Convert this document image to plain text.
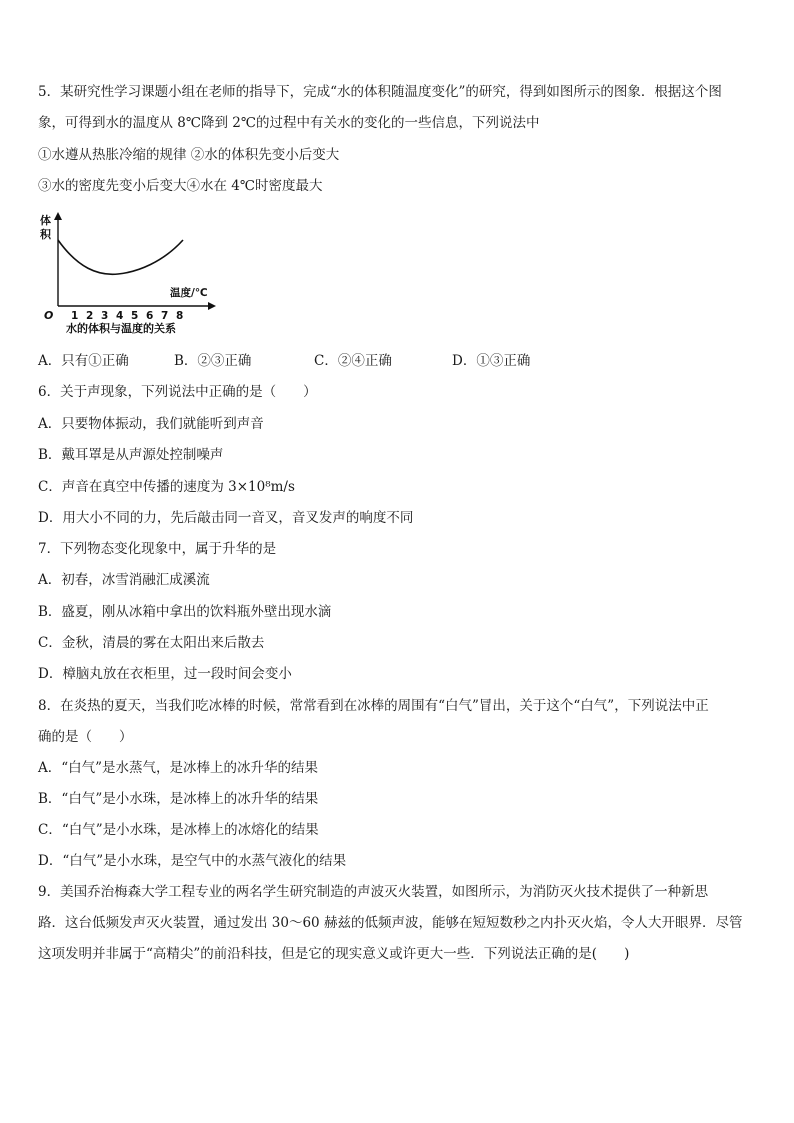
5．某研究性学习课题小组在老师的指导下，完成“水的体积随温度变化”的研究，得到如图所示的图象．根据这个图
象，可得到水的温度从 8℃降到 2℃的过程中有关水的变化的一些信息，下列说法中
①水遵从热胀冷缩的规律 ②水的体积先变小后变大
③水的密度先变小后变大④水在 4℃时密度最大
体
积
温度/℃
O 1 2 3 4 5 6 7 8
水的体积与温度的关系
A．只有①正确	B．②③正确	C．②④正确	D．①③正确
6．关于声现象，下列说法中正确的是（　　）
A．只要物体振动，我们就能听到声音
B．戴耳罩是从声源处控制噪声
C．声音在真空中传播的速度为 3×10⁸m/s
D．用大小不同的力，先后敲击同一音叉，音叉发声的响度不同
7．下列物态变化现象中，属于升华的是
A．初春，冰雪消融汇成溪流
B．盛夏，刚从冰箱中拿出的饮料瓶外壁出现水滴
C．金秋，清晨的雾在太阳出来后散去
D．樟脑丸放在衣柜里，过一段时间会变小
8．在炎热的夏天，当我们吃冰棒的时候，常常看到在冰棒的周围有“白气”冒出，关于这个“白气”，下列说法中正
确的是（　　）
A．“白气”是水蒸气，是冰棒上的冰升华的结果
B．“白气”是小水珠，是冰棒上的冰升华的结果
C．“白气”是小水珠，是冰棒上的冰熔化的结果
D．“白气”是小水珠，是空气中的水蒸气液化的结果
9．美国乔治梅森大学工程专业的两名学生研究制造的声波灭火装置，如图所示，为消防灭火技术提供了一种新思
路．这台低频发声灭火装置，通过发出 30～60 赫兹的低频声波，能够在短短数秒之内扑灭火焰，令人大开眼界．尽管
这项发明并非属于“高精尖”的前沿科技，但是它的现实意义或许更大一些．下列说法正确的是(　　)
